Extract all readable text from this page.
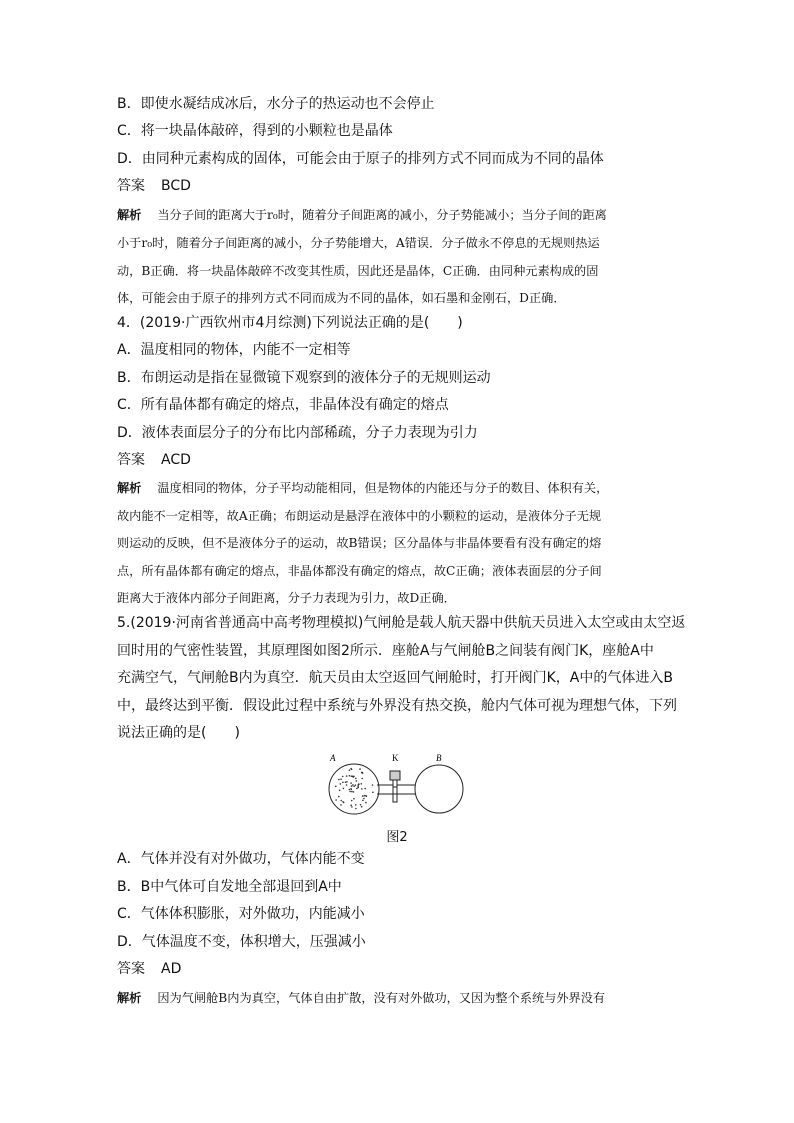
B．即使水凝结成冰后，水分子的热运动也不会停止
C．将一块晶体敲碎，得到的小颗粒也是晶体
D．由同种元素构成的固体，可能会由于原子的排列方式不同而成为不同的晶体
答案 BCD
解析 当分子间的距离大于r₀时，随着分子间距离的减小，分子势能减小；当分子间的距离
小于r₀时，随着分子间距离的减小，分子势能增大，A错误．分子做永不停息的无规则热运
动，B正确．将一块晶体敲碎不改变其性质，因此还是晶体，C正确．由同种元素构成的固
体，可能会由于原子的排列方式不同而成为不同的晶体，如石墨和金刚石，D正确．
4．(2019·广西钦州市4月综测)下列说法正确的是(　　)
A．温度相同的物体，内能不一定相等
B．布朗运动是指在显微镜下观察到的液体分子的无规则运动
C．所有晶体都有确定的熔点，非晶体没有确定的熔点
D．液体表面层分子的分布比内部稀疏，分子力表现为引力
答案 ACD
解析 温度相同的物体，分子平均动能相同，但是物体的内能还与分子的数目、体积有关，
故内能不一定相等，故A正确；布朗运动是悬浮在液体中的小颗粒的运动，是液体分子无规
则运动的反映，但不是液体分子的运动，故B错误；区分晶体与非晶体要看有没有确定的熔
点，所有晶体都有确定的熔点，非晶体都没有确定的熔点，故C正确；液体表面层的分子间
距离大于液体内部分子间距离，分子力表现为引力，故D正确．
5.(2019·河南省普通高中高考物理模拟)气闸舱是载人航天器中供航天员进入太空或由太空返
回时用的气密性装置，其原理图如图2所示．座舱A与气闸舱B之间装有阀门K，座舱A中
充满空气，气闸舱B内为真空．航天员由太空返回气闸舱时，打开阀门K，A中的气体进入B
中，最终达到平衡．假设此过程中系统与外界没有热交换，舱内气体可视为理想气体，下列
说法正确的是(　　)
A	K	B
图2
A．气体并没有对外做功，气体内能不变
B．B中气体可自发地全部退回到A中
C．气体体积膨胀，对外做功，内能减小
D．气体温度不变，体积增大，压强减小
答案 AD
解析 因为气闸舱B内为真空，气体自由扩散，没有对外做功，又因为整个系统与外界没有
